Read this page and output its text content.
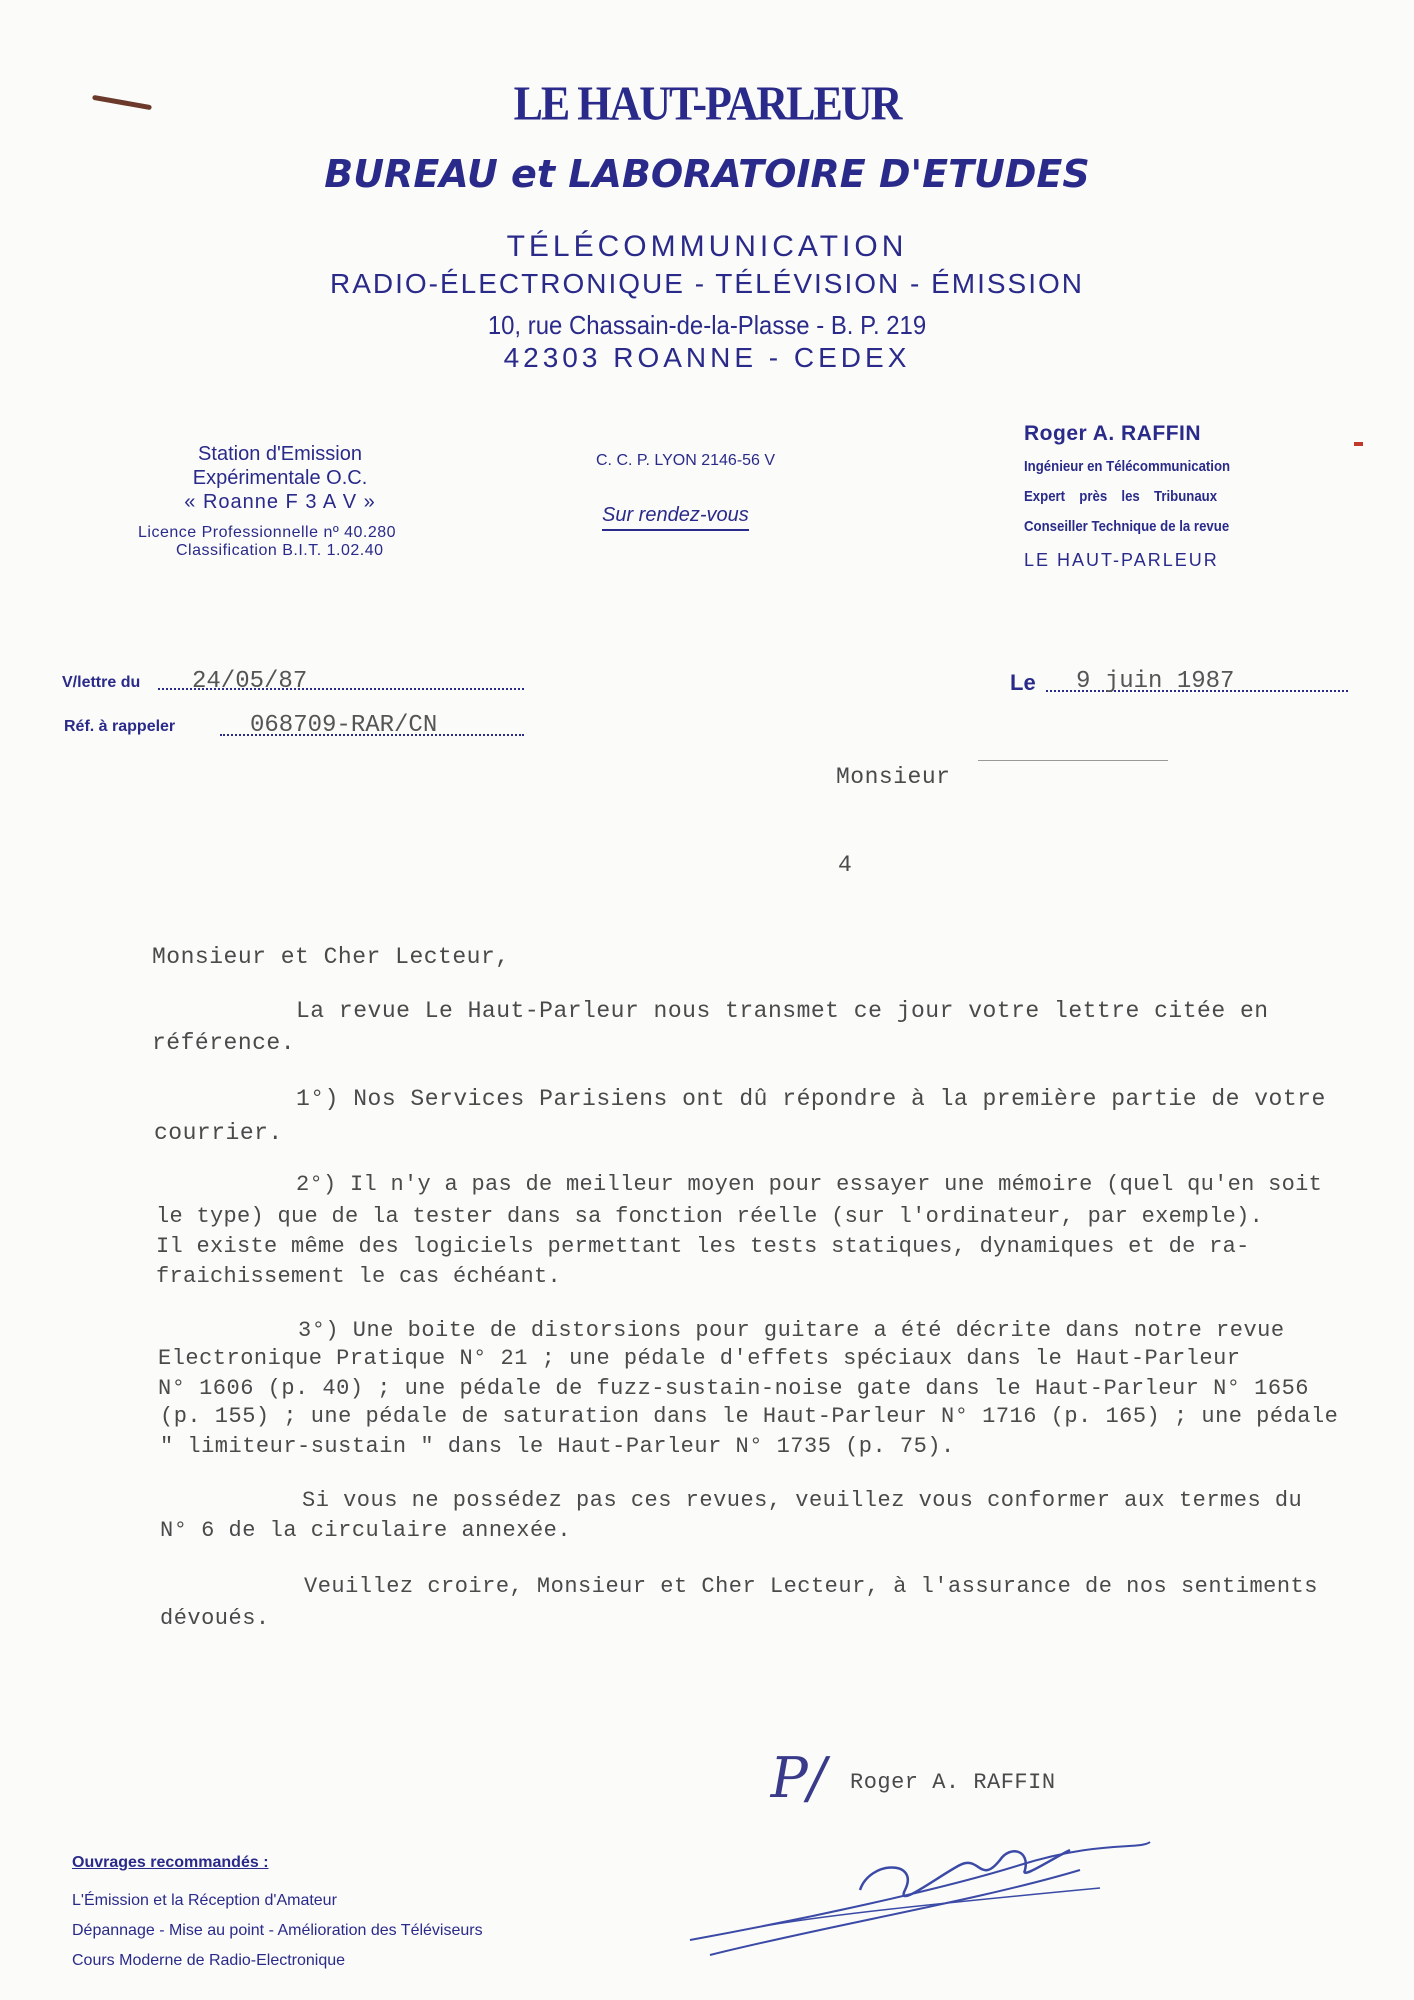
LE HAUT-PARLEUR
BUREAU et LABORATOIRE D'ETUDES
TÉLÉCOMMUNICATION
RADIO-ÉLECTRONIQUE - TÉLÉVISION - ÉMISSION
10, rue Chassain-de-la-Plasse - B. P. 219
42303 ROANNE - CEDEX
Station d'Emission
Expérimentale O.C.
« Roanne F 3 A V »
Licence Professionnelle nº 40.280
Classification B.I.T. 1.02.40
C. C. P. LYON 2146-56 V
Sur rendez-vous
Roger A. RAFFIN
Ingénieur en Télécommunication
Expert près les Tribunaux
Conseiller Technique de la revue
LE HAUT-PARLEUR
V/lettre du 24/05/87
Réf. à rappeler	068709-RAR/CN
Le 9 juin 1987
Monsieur
4
Monsieur et Cher Lecteur,
La revue Le Haut-Parleur nous transmet ce jour votre lettre citée en
référence.
1°) Nos Services Parisiens ont dû répondre à la première partie de votre
courrier.
2°) Il n'y a pas de meilleur moyen pour essayer une mémoire (quel qu'en soit
le type) que de la tester dans sa fonction réelle (sur l'ordinateur, par exemple).
Il existe même des logiciels permettant les tests statiques, dynamiques et de ra-
fraichissement le cas échéant.
3°) Une boite de distorsions pour guitare a été décrite dans notre revue
Electronique Pratique N° 21 ; une pédale d'effets spéciaux dans le Haut-Parleur
N° 1606 (p. 40) ; une pédale de fuzz-sustain-noise gate dans le Haut-Parleur N° 1656
(p. 155) ; une pédale de saturation dans le Haut-Parleur N° 1716 (p. 165) ; une pédale
" limiteur-sustain " dans le Haut-Parleur N° 1735 (p. 75).
Si vous ne possédez pas ces revues, veuillez vous conformer aux termes du
N° 6 de la circulaire annexée.
Veuillez croire, Monsieur et Cher Lecteur, à l'assurance de nos sentiments
dévoués.
P/ Roger A. RAFFIN
Ouvrages recommandés :
L'Émission et la Réception d'Amateur
Dépannage - Mise au point - Amélioration des Téléviseurs
Cours Moderne de Radio-Electronique
